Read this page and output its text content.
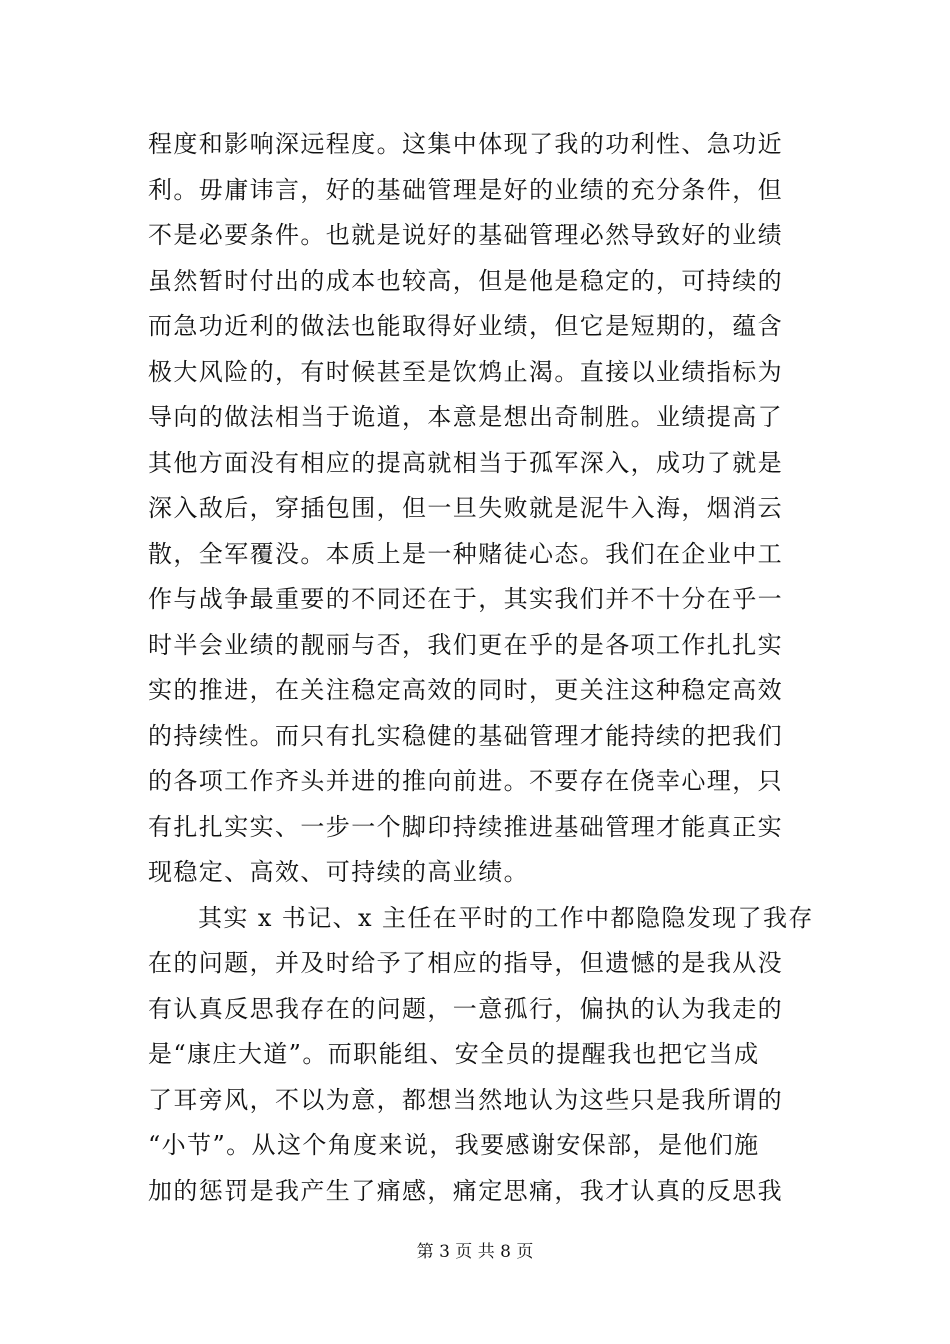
程度和影响深远程度。这集中体现了我的功利性、急功近
利。毋庸讳言，好的基础管理是好的业绩的充分条件，但
不是必要条件。也就是说好的基础管理必然导致好的业绩
虽然暂时付出的成本也较高，但是他是稳定的，可持续的
而急功近利的做法也能取得好业绩，但它是短期的，蕴含
极大风险的，有时候甚至是饮鸩止渴。直接以业绩指标为
导向的做法相当于诡道，本意是想出奇制胜。业绩提高了
其他方面没有相应的提高就相当于孤军深入，成功了就是
深入敌后，穿插包围，但一旦失败就是泥牛入海，烟消云
散，全军覆没。本质上是一种赌徒心态。我们在企业中工
作与战争最重要的不同还在于，其实我们并不十分在乎一
时半会业绩的靓丽与否，我们更在乎的是各项工作扎扎实
实的推进，在关注稳定高效的同时，更关注这种稳定高效
的持续性。而只有扎实稳健的基础管理才能持续的把我们
的各项工作齐头并进的推向前进。不要存在侥幸心理，只
有扎扎实实、一步一个脚印持续推进基础管理才能真正实
现稳定、高效、可持续的高业绩。
其实 x 书记、x 主任在平时的工作中都隐隐发现了我存
在的问题，并及时给予了相应的指导，但遗憾的是我从没
有认真反思我存在的问题，一意孤行，偏执的认为我走的
是“康庄大道”。而职能组、安全员的提醒我也把它当成
了耳旁风，不以为意，都想当然地认为这些只是我所谓的
“小节”。从这个角度来说，我要感谢安保部，是他们施
加的惩罚是我产生了痛感，痛定思痛，我才认真的反思我
第 3 页 共 8 页
